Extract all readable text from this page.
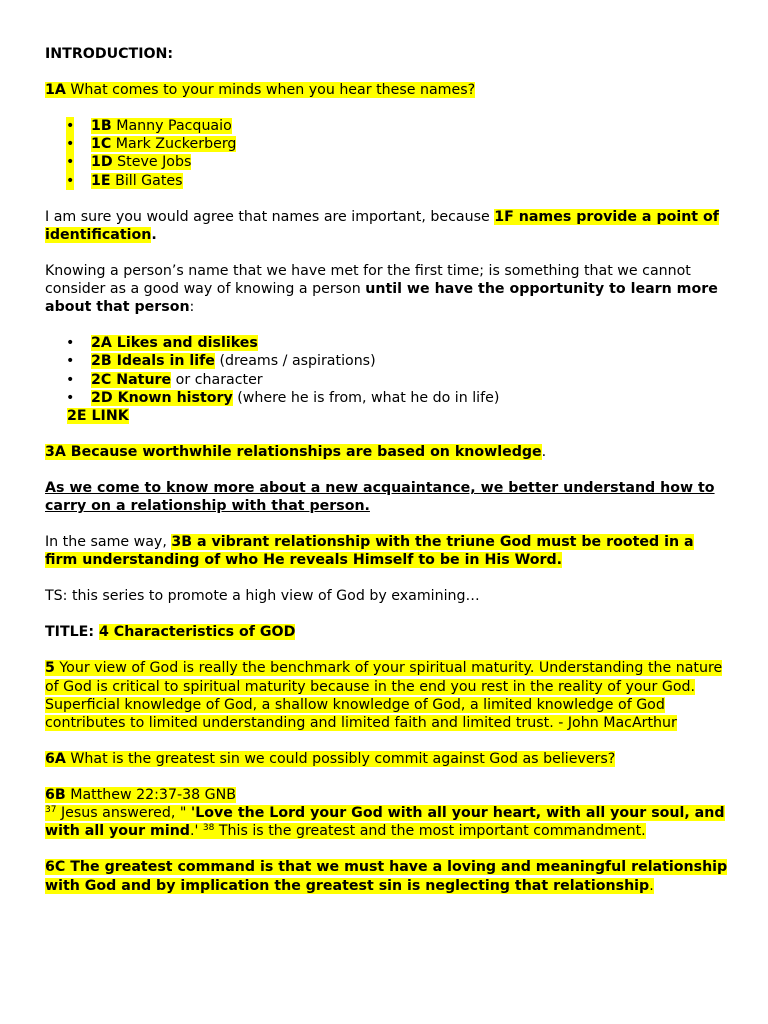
INTRODUCTION:

1A What comes to your minds when you hear these names?

• 1B Manny Pacquaio
• 1C Mark Zuckerberg
• 1D Steve Jobs
• 1E Bill Gates

I am sure you would agree that names are important, because 1F names provide a point of identification.

Knowing a person’s name that we have met for the first time; is something that we cannot consider as a good way of knowing a person until we have the opportunity to learn more about that person:

• 2A Likes and dislikes
• 2B Ideals in life (dreams / aspirations)
• 2C Nature or character
• 2D Known history (where he is from, what he do in life)

2E LINK

3A Because worthwhile relationships are based on knowledge.

As we come to know more about a new acquaintance, we better understand how to carry on a relationship with that person.

In the same way, 3B a vibrant relationship with the triune God must be rooted in a firm understanding of who He reveals Himself to be in His Word.

TS: this series to promote a high view of God by examining…

TITLE: 4 Characteristics of GOD

5 Your view of God is really the benchmark of your spiritual maturity. Understanding the nature of God is critical to spiritual maturity because in the end you rest in the reality of your God. Superficial knowledge of God, a shallow knowledge of God, a limited knowledge of God contributes to limited understanding and limited faith and limited trust. - John MacArthur

6A What is the greatest sin we could possibly commit against God as believers?

6B Matthew 22:37-38 GNB
$^{37}$ Jesus answered, " 'Love the Lord your God with all your heart, with all your soul, and with all your mind.' $^{38}$ This is the greatest and the most important commandment.

6C The greatest command is that we must have a loving and meaningful relationship with God and by implication the greatest sin is neglecting that relationship.
